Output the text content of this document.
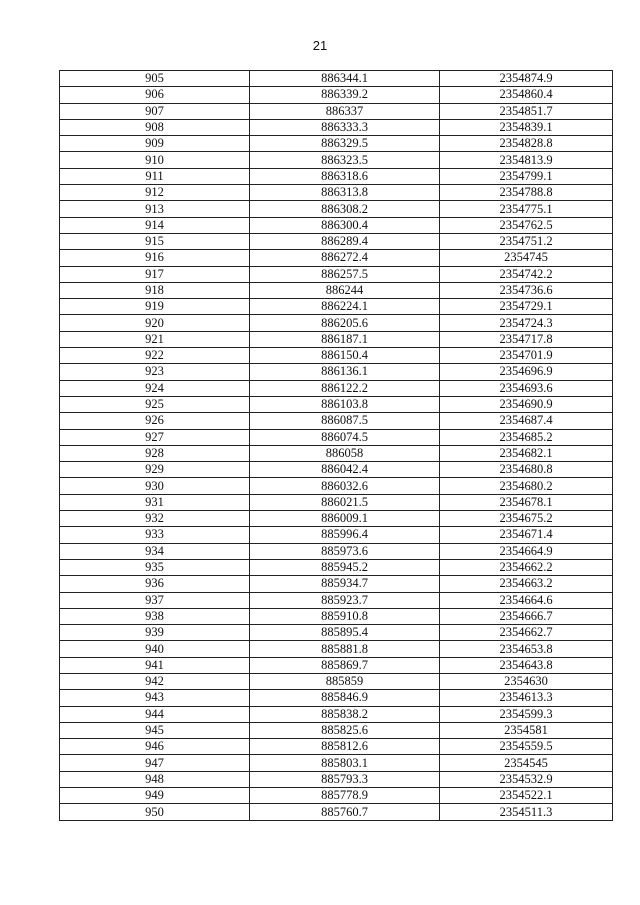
21
905	886344.1	2354874.9
906	886339.2	2354860.4
907	886337	2354851.7
908	886333.3	2354839.1
909	886329.5	2354828.8
910	886323.5	2354813.9
911	886318.6	2354799.1
912	886313.8	2354788.8
913	886308.2	2354775.1
914	886300.4	2354762.5
915	886289.4	2354751.2
916	886272.4	2354745
917	886257.5	2354742.2
918	886244	2354736.6
919	886224.1	2354729.1
920	886205.6	2354724.3
921	886187.1	2354717.8
922	886150.4	2354701.9
923	886136.1	2354696.9
924	886122.2	2354693.6
925	886103.8	2354690.9
926	886087.5	2354687.4
927	886074.5	2354685.2
928	886058	2354682.1
929	886042.4	2354680.8
930	886032.6	2354680.2
931	886021.5	2354678.1
932	886009.1	2354675.2
933	885996.4	2354671.4
934	885973.6	2354664.9
935	885945.2	2354662.2
936	885934.7	2354663.2
937	885923.7	2354664.6
938	885910.8	2354666.7
939	885895.4	2354662.7
940	885881.8	2354653.8
941	885869.7	2354643.8
942	885859	2354630
943	885846.9	2354613.3
944	885838.2	2354599.3
945	885825.6	2354581
946	885812.6	2354559.5
947	885803.1	2354545
948	885793.3	2354532.9
949	885778.9	2354522.1
950	885760.7	2354511.3
